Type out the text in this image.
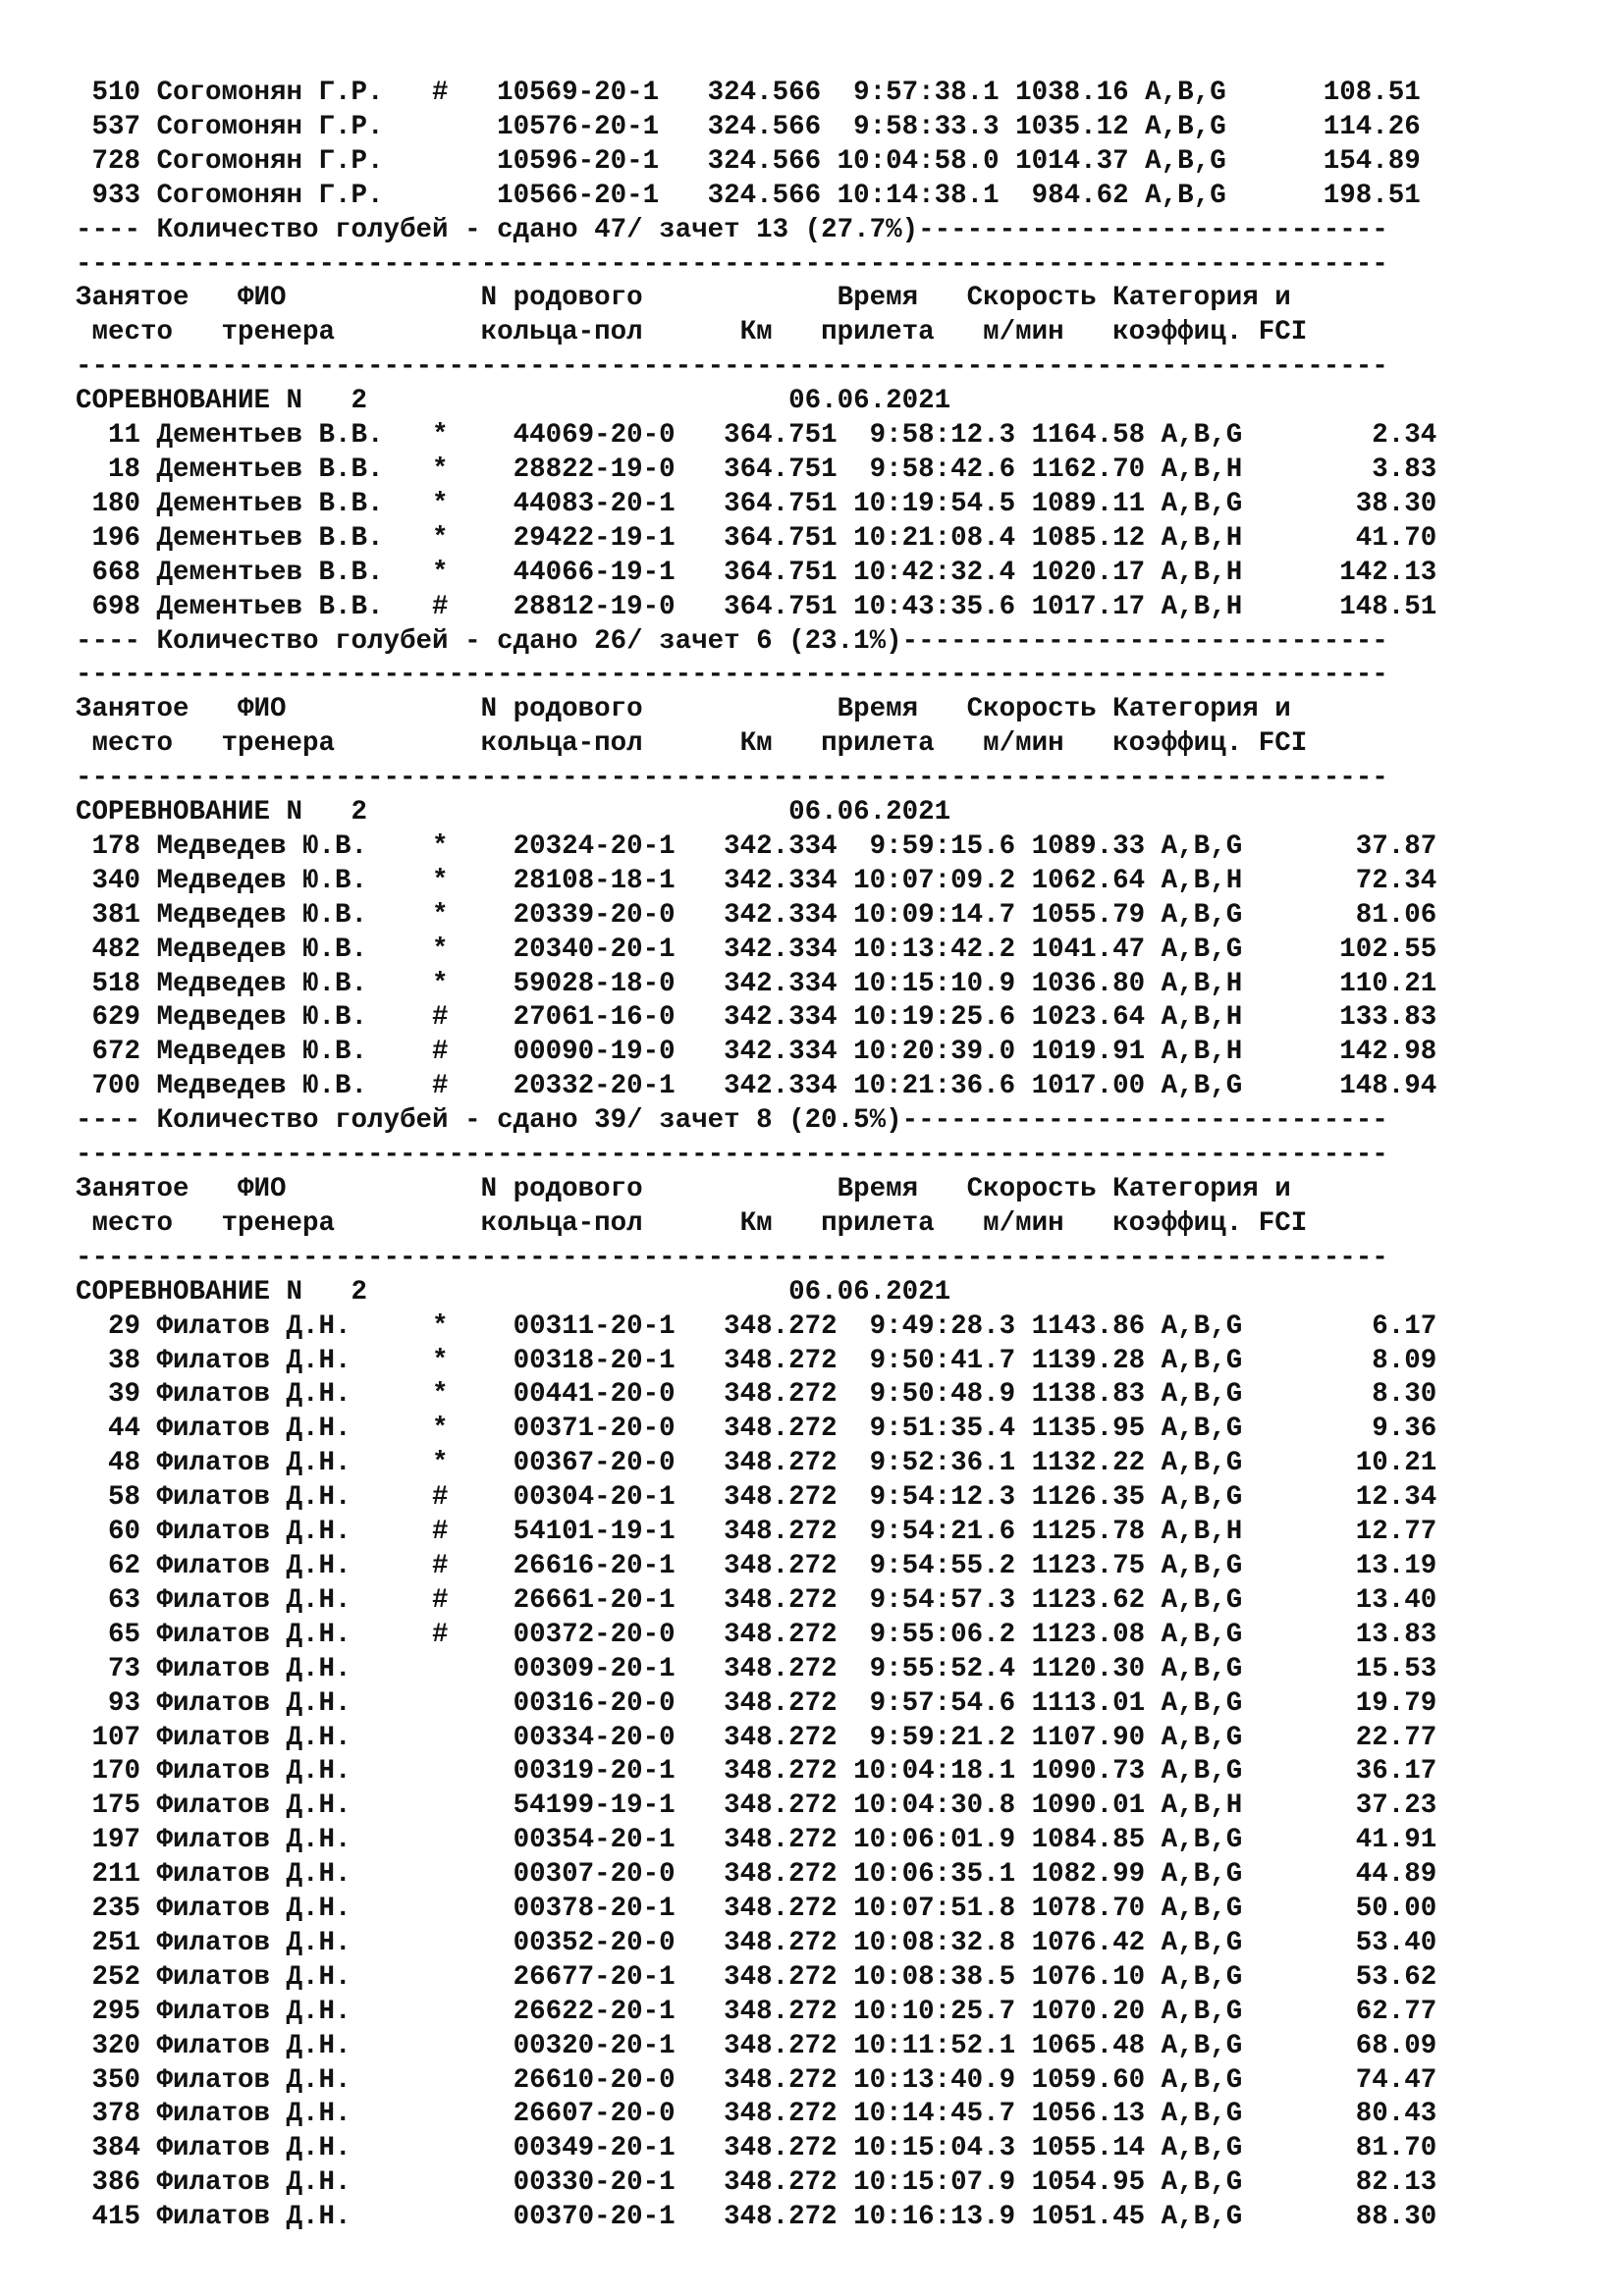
510 Согомонян Г.Р.   #   10569-20-1   324.566  9:57:38.1 1038.16 A,B,G      108.51
537 Согомонян Г.Р.       10576-20-1   324.566  9:58:33.3 1035.12 A,B,G      114.26
728 Согомонян Г.Р.       10596-20-1   324.566 10:04:58.0 1014.37 A,B,G      154.89
933 Согомонян Г.Р.       10566-20-1   324.566 10:14:38.1  984.62 A,B,G      198.51
---- Количество голубей - сдано 47/ зачет 13 (27.7%)-----------------------------
---------------------------------------------------------------------------------
Занятое   ФИО            N родового            Время   Скорость Категория и
место   тренера         кольца-пол      Км   прилета   м/мин   коэффиц. FCI
---------------------------------------------------------------------------------
СОРЕВНОВАНИЕ N   2                          06.06.2021
11 Дементьев В.В.   *    44069-20-0   364.751  9:58:12.3 1164.58 A,B,G        2.34
18 Дементьев В.В.   *    28822-19-0   364.751  9:58:42.6 1162.70 A,B,H        3.83
180 Дементьев В.В.   *    44083-20-1   364.751 10:19:54.5 1089.11 A,B,G       38.30
196 Дементьев В.В.   *    29422-19-1   364.751 10:21:08.4 1085.12 A,B,H       41.70
668 Дементьев В.В.   *    44066-19-1   364.751 10:42:32.4 1020.17 A,B,H      142.13
698 Дементьев В.В.   #    28812-19-0   364.751 10:43:35.6 1017.17 A,B,H      148.51
---- Количество голубей - сдано 26/ зачет 6 (23.1%)------------------------------
---------------------------------------------------------------------------------
Занятое   ФИО            N родового            Время   Скорость Категория и
место   тренера         кольца-пол      Км   прилета   м/мин   коэффиц. FCI
---------------------------------------------------------------------------------
СОРЕВНОВАНИЕ N   2                          06.06.2021
178 Медведев Ю.В.    *    20324-20-1   342.334  9:59:15.6 1089.33 A,B,G       37.87
340 Медведев Ю.В.    *    28108-18-1   342.334 10:07:09.2 1062.64 A,B,H       72.34
381 Медведев Ю.В.    *    20339-20-0   342.334 10:09:14.7 1055.79 A,B,G       81.06
482 Медведев Ю.В.    *    20340-20-1   342.334 10:13:42.2 1041.47 A,B,G      102.55
518 Медведев Ю.В.    *    59028-18-0   342.334 10:15:10.9 1036.80 A,B,H      110.21
629 Медведев Ю.В.    #    27061-16-0   342.334 10:19:25.6 1023.64 A,B,H      133.83
672 Медведев Ю.В.    #    00090-19-0   342.334 10:20:39.0 1019.91 A,B,H      142.98
700 Медведев Ю.В.    #    20332-20-1   342.334 10:21:36.6 1017.00 A,B,G      148.94
---- Количество голубей - сдано 39/ зачет 8 (20.5%)------------------------------
---------------------------------------------------------------------------------
Занятое   ФИО            N родового            Время   Скорость Категория и
место   тренера         кольца-пол      Км   прилета   м/мин   коэффиц. FCI
---------------------------------------------------------------------------------
СОРЕВНОВАНИЕ N   2                          06.06.2021
29 Филатов Д.Н.     *    00311-20-1   348.272  9:49:28.3 1143.86 A,B,G        6.17
38 Филатов Д.Н.     *    00318-20-1   348.272  9:50:41.7 1139.28 A,B,G        8.09
39 Филатов Д.Н.     *    00441-20-0   348.272  9:50:48.9 1138.83 A,B,G        8.30
44 Филатов Д.Н.     *    00371-20-0   348.272  9:51:35.4 1135.95 A,B,G        9.36
48 Филатов Д.Н.     *    00367-20-0   348.272  9:52:36.1 1132.22 A,B,G       10.21
58 Филатов Д.Н.     #    00304-20-1   348.272  9:54:12.3 1126.35 A,B,G       12.34
60 Филатов Д.Н.     #    54101-19-1   348.272  9:54:21.6 1125.78 A,B,H       12.77
62 Филатов Д.Н.     #    26616-20-1   348.272  9:54:55.2 1123.75 A,B,G       13.19
63 Филатов Д.Н.     #    26661-20-1   348.272  9:54:57.3 1123.62 A,B,G       13.40
65 Филатов Д.Н.     #    00372-20-0   348.272  9:55:06.2 1123.08 A,B,G       13.83
73 Филатов Д.Н.          00309-20-1   348.272  9:55:52.4 1120.30 A,B,G       15.53
93 Филатов Д.Н.          00316-20-0   348.272  9:57:54.6 1113.01 A,B,G       19.79
107 Филатов Д.Н.          00334-20-0   348.272  9:59:21.2 1107.90 A,B,G       22.77
170 Филатов Д.Н.          00319-20-1   348.272 10:04:18.1 1090.73 A,B,G       36.17
175 Филатов Д.Н.          54199-19-1   348.272 10:04:30.8 1090.01 A,B,H       37.23
197 Филатов Д.Н.          00354-20-1   348.272 10:06:01.9 1084.85 A,B,G       41.91
211 Филатов Д.Н.          00307-20-0   348.272 10:06:35.1 1082.99 A,B,G       44.89
235 Филатов Д.Н.          00378-20-1   348.272 10:07:51.8 1078.70 A,B,G       50.00
251 Филатов Д.Н.          00352-20-0   348.272 10:08:32.8 1076.42 A,B,G       53.40
252 Филатов Д.Н.          26677-20-1   348.272 10:08:38.5 1076.10 A,B,G       53.62
295 Филатов Д.Н.          26622-20-1   348.272 10:10:25.7 1070.20 A,B,G       62.77
320 Филатов Д.Н.          00320-20-1   348.272 10:11:52.1 1065.48 A,B,G       68.09
350 Филатов Д.Н.          26610-20-0   348.272 10:13:40.9 1059.60 A,B,G       74.47
378 Филатов Д.Н.          26607-20-0   348.272 10:14:45.7 1056.13 A,B,G       80.43
384 Филатов Д.Н.          00349-20-1   348.272 10:15:04.3 1055.14 A,B,G       81.70
386 Филатов Д.Н.          00330-20-1   348.272 10:15:07.9 1054.95 A,B,G       82.13
415 Филатов Д.Н.          00370-20-1   348.272 10:16:13.9 1051.45 A,B,G       88.30
